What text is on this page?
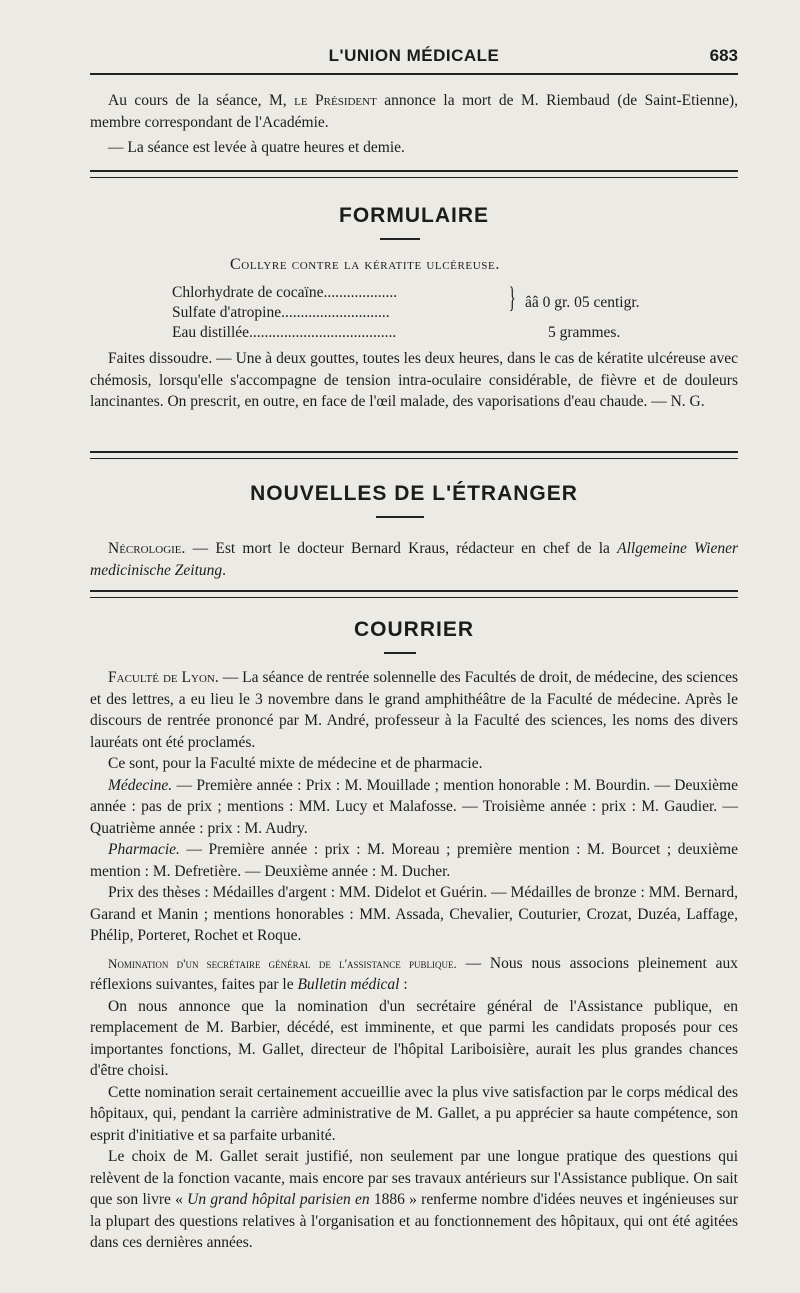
L'UNION MÉDICALE	683

Au cours de la séance, M, le Président annonce la mort de M. Riembaud (de Saint-Etienne), membre correspondant de l'Académie.

— La séance est levée à quatre heures et demie.

FORMULAIRE
Collyre contre la kératite ulcéreuse.
Chlorhydrate de cocaïne...................
Sulfate d'atropine............................	} ââ 0 gr. 05 centigr.
Eau distillée......................................	5 grammes.

Faites dissoudre. — Une à deux gouttes, toutes les deux heures, dans le cas de kératite ulcéreuse avec chémosis, lorsqu'elle s'accompagne de tension intra-oculaire considérable, de fièvre et de douleurs lancinantes. On prescrit, en outre, en face de l'œil malade, des vaporisations d'eau chaude. — N. G.

NOUVELLES DE L'ÉTRANGER

Nécrologie. — Est mort le docteur Bernard Kraus, rédacteur en chef de la Allgemeine Wiener medicinische Zeitung.

COURRIER

Faculté de Lyon. — La séance de rentrée solennelle des Facultés de droit, de médecine, des sciences et des lettres, a eu lieu le 3 novembre dans le grand amphithéâtre de la Faculté de médecine. Après le discours de rentrée prononcé par M. André, professeur à la Faculté des sciences, les noms des divers lauréats ont été proclamés.

Ce sont, pour la Faculté mixte de médecine et de pharmacie.

Médecine. — Première année : Prix : M. Mouillade ; mention honorable : M. Bourdin. — Deuxième année : pas de prix ; mentions : MM. Lucy et Malafosse. — Troisième année : prix : M. Gaudier. — Quatrième année : prix : M. Audry.

Pharmacie. — Première année : prix : M. Moreau ; première mention : M. Bourcet ; deuxième mention : M. Defretière. — Deuxième année : M. Ducher.

Prix des thèses : Médailles d'argent : MM. Didelot et Guérin. — Médailles de bronze : MM. Bernard, Garand et Manin ; mentions honorables : MM. Assada, Chevalier, Couturier, Crozat, Duzéa, Laffage, Phélip, Porteret, Rochet et Roque.

Nomination d'un secrétaire général de l'assistance publique. — Nous nous associons pleinement aux réflexions suivantes, faites par le Bulletin médical :

On nous annonce que la nomination d'un secrétaire général de l'Assistance publique, en remplacement de M. Barbier, décédé, est imminente, et que parmi les candidats proposés pour ces importantes fonctions, M. Gallet, directeur de l'hôpital Lariboisière, aurait les plus grandes chances d'être choisi.

Cette nomination serait certainement accueillie avec la plus vive satisfaction par le corps médical des hôpitaux, qui, pendant la carrière administrative de M. Gallet, a pu apprécier sa haute compétence, son esprit d'initiative et sa parfaite urbanité.

Le choix de M. Gallet serait justifié, non seulement par une longue pratique des questions qui relèvent de la fonction vacante, mais encore par ses travaux antérieurs sur l'Assistance publique. On sait que son livre « Un grand hôpital parisien en 1886 » renferme nombre d'idées neuves et ingénieuses sur la plupart des questions relatives à l'organisation et au fonctionnement des hôpitaux, qui ont été agitées dans ces dernières années.
